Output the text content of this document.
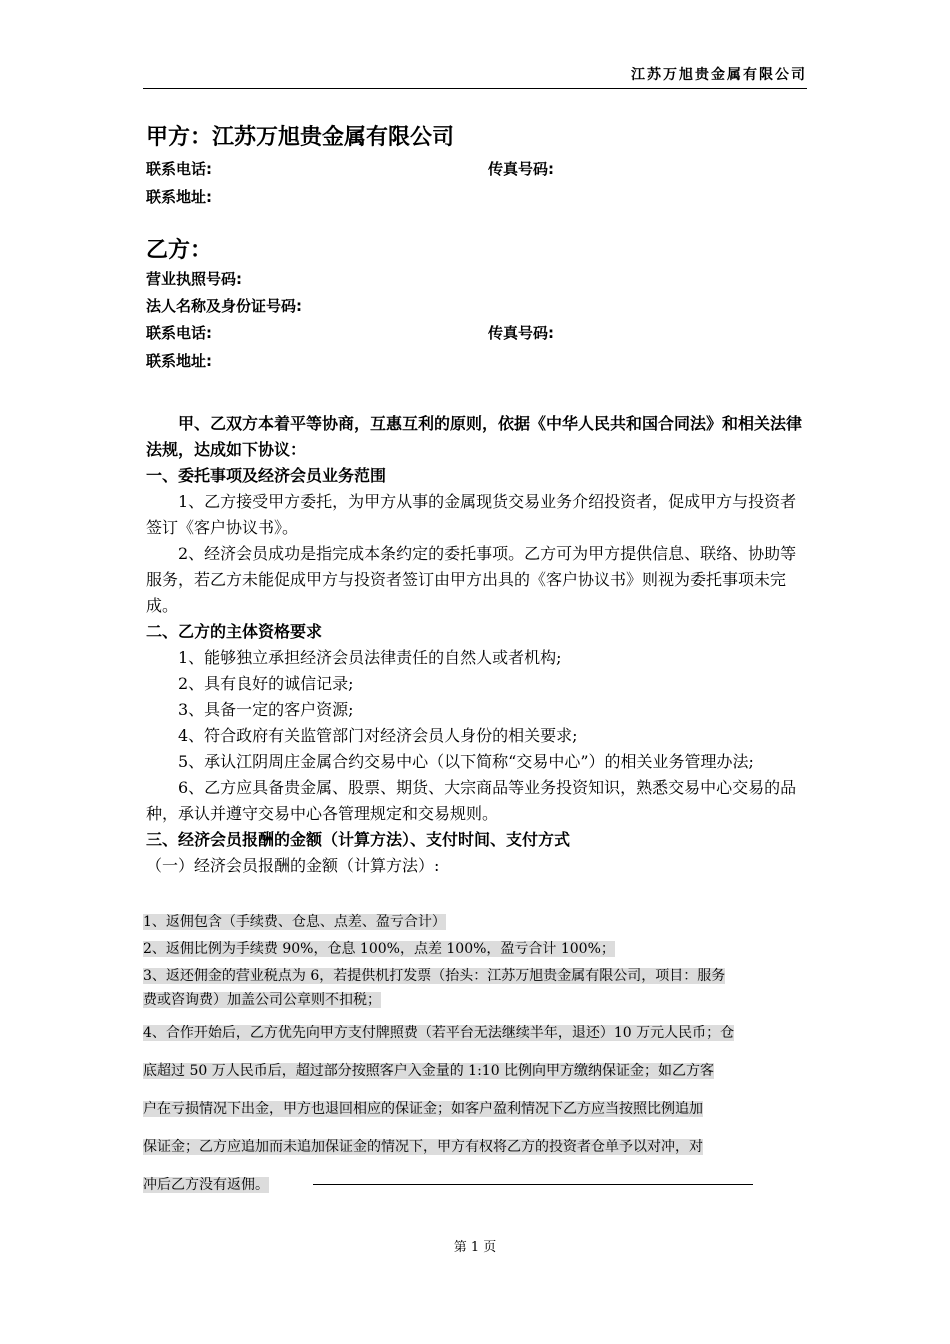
江苏万旭贵金属有限公司
甲方：江苏万旭贵金属有限公司
联系电话:	传真号码:
联系地址:
乙方：
营业执照号码:
法人名称及身份证号码:
联系电话:	传真号码:
联系地址:

甲、乙双方本着平等协商，互惠互利的原则，依据《中华人民共和国合同法》和相关法律法规，达成如下协议：

一、委托事项及经济会员业务范围

1、乙方接受甲方委托，为甲方从事的金属现货交易业务介绍投资者，促成甲方与投资者签订《客户协议书》。

2、经济会员成功是指完成本条约定的委托事项。乙方可为甲方提供信息、联络、协助等服务，若乙方未能促成甲方与投资者签订由甲方出具的《客户协议书》则视为委托事项未完成。

二、乙方的主体资格要求

1、能够独立承担经济会员法律责任的自然人或者机构;

2、具有良好的诚信记录;

3、具备一定的客户资源;

4、符合政府有关监管部门对经济会员人身份的相关要求;

5、承认江阴周庄金属合约交易中心（以下简称“交易中心”）的相关业务管理办法;

6、乙方应具备贵金属、股票、期货、大宗商品等业务投资知识，熟悉交易中心交易的品种，承认并遵守交易中心各管理规定和交易规则。

三、经济会员报酬的金额（计算方法）、支付时间、支付方式

（一）经济会员报酬的金额（计算方法）:

1、返佣包含（手续费、仓息、点差、盈亏合计）
2、返佣比例为手续费 90%，仓息 100%，点差 100%，盈亏合计 100%；
3、返还佣金的营业税点为 6，若提供机打发票（抬头：江苏万旭贵金属有限公司，项目：服务
费或咨询费）加盖公司公章则不扣税；
4、合作开始后，乙方优先向甲方支付牌照费（若平台无法继续半年，退还）10 万元人民币；仓
底超过 50 万人民币后，超过部分按照客户入金量的 1:10 比例向甲方缴纳保证金；如乙方客
户在亏损情况下出金，甲方也退回相应的保证金；如客户盈利情况下乙方应当按照比例追加
保证金；乙方应追加而未追加保证金的情况下，甲方有权将乙方的投资者仓单予以对冲，对
冲后乙方没有返佣。
第 1 页
